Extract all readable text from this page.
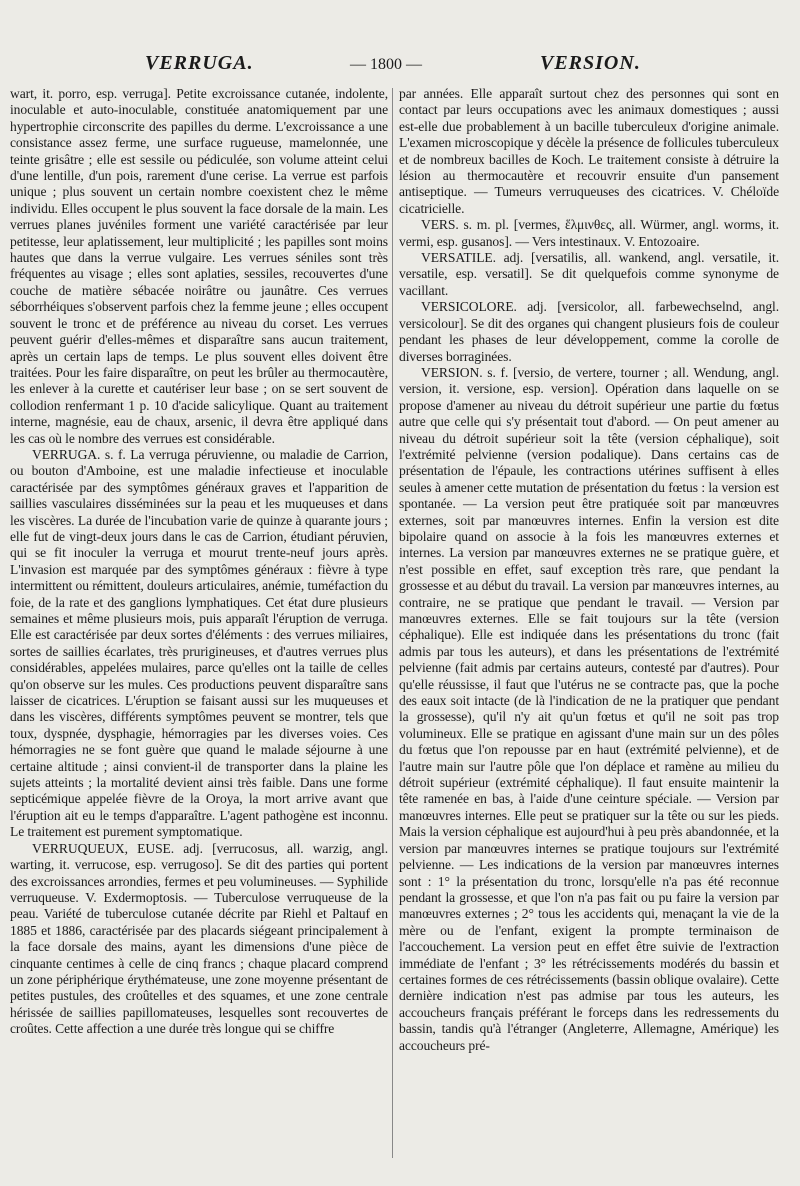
VERRUGA.	— 1800 —	VERSION.

wart, it. porro, esp. verruga]. Petite excroissance cutanée, indolente, inoculable et auto-inoculable, constituée anatomiquement par une hypertrophie circonscrite des papilles du derme. L'excroissance a une consistance assez ferme, une surface rugueuse, mamelonnée, une teinte grisâtre ; elle est sessile ou pédiculée, son volume atteint celui d'une lentille, d'un pois, rarement d'une cerise. La verrue est parfois unique ; plus souvent un certain nombre coexistent chez le même individu. Elles occupent le plus souvent la face dorsale de la main. Les verrues planes juvéniles forment une variété caractérisée par leur petitesse, leur aplatissement, leur multiplicité ; les papilles sont moins hautes que dans la verrue vulgaire. Les verrues séniles sont très fréquentes au visage ; elles sont aplaties, sessiles, recouvertes d'une couche de matière sébacée noirâtre ou jaunâtre. Ces verrues séborrhéiques s'observent parfois chez la femme jeune ; elles occupent souvent le tronc et de préférence au niveau du corset. Les verrues peuvent guérir d'elles-mêmes et disparaître sans aucun traitement, après un certain laps de temps. Le plus souvent elles doivent être traitées. Pour les faire disparaître, on peut les brûler au thermocautère, les enlever à la curette et cautériser leur base ; on se sert souvent de collodion renfermant 1 p. 10 d'acide salicylique. Quant au traitement interne, magnésie, eau de chaux, arsenic, il devra être appliqué dans les cas où le nombre des verrues est considérable.

VERRUGA. s. f. La verruga péruvienne, ou maladie de Carrion, ou bouton d'Amboine, est une maladie infectieuse et inoculable caractérisée par des symptômes généraux graves et l'apparition de saillies vasculaires disséminées sur la peau et les muqueuses et dans les viscères. La durée de l'incubation varie de quinze à quarante jours ; elle fut de vingt-deux jours dans le cas de Carrion, étudiant péruvien, qui se fit inoculer la verruga et mourut trente-neuf jours après. L'invasion est marquée par des symptômes généraux : fièvre à type intermittent ou rémittent, douleurs articulaires, anémie, tuméfaction du foie, de la rate et des ganglions lymphatiques. Cet état dure plusieurs semaines et même plusieurs mois, puis apparaît l'éruption de verruga. Elle est caractérisée par deux sortes d'éléments : des verrues miliaires, sortes de saillies écarlates, très prurigineuses, et d'autres verrues plus considérables, appelées mulaires, parce qu'elles ont la taille de celles qu'on observe sur les mules. Ces productions peuvent disparaître sans laisser de cicatrices. L'éruption se faisant aussi sur les muqueuses et dans les viscères, différents symptômes peuvent se montrer, tels que toux, dyspnée, dysphagie, hémorragies par les diverses voies. Ces hémorragies ne se font guère que quand le malade séjourne à une certaine altitude ; ainsi convient-il de transporter dans la plaine les sujets atteints ; la mortalité devient ainsi très faible. Dans une forme septicémique appelée fièvre de la Oroya, la mort arrive avant que l'éruption ait eu le temps d'apparaître. L'agent pathogène est inconnu. Le traitement est purement symptomatique.

VERRUQUEUX, EUSE. adj. [verrucosus, all. warzig, angl. warting, it. verrucose, esp. verrugoso]. Se dit des parties qui portent des excroissances arrondies, fermes et peu volumineuses. — Syphilide verruqueuse. V. Exdermoptosis. — Tuberculose verruqueuse de la peau. Variété de tuberculose cutanée décrite par Riehl et Paltauf en 1885 et 1886, caractérisée par des placards siégeant principalement à la face dorsale des mains, ayant les dimensions d'une pièce de cinquante centimes à celle de cinq francs ; chaque placard comprend un zone périphérique érythémateuse, une zone moyenne présentant de petites pustules, des croûtelles et des squames, et une zone centrale hérissée de saillies papillomateuses, lesquelles sont recouvertes de croûtes. Cette affection a une durée très longue qui se chiffre

par années. Elle apparaît surtout chez des personnes qui sont en contact par leurs occupations avec les animaux domestiques ; aussi est-elle due probablement à un bacille tuberculeux d'origine animale. L'examen microscopique y décèle la présence de follicules tuberculeux et de nombreux bacilles de Koch. Le traitement consiste à détruire la lésion au thermocautère et recouvrir ensuite d'un pansement antiseptique. — Tumeurs verruqueuses des cicatrices. V. Chéloïde cicatricielle.

VERS. s. m. pl. [vermes, ἕλμινθες, all. Würmer, angl. worms, it. vermi, esp. gusanos]. — Vers intestinaux. V. Entozoaire.

VERSATILE. adj. [versatilis, all. wankend, angl. versatile, it. versatile, esp. versatil]. Se dit quelquefois comme synonyme de vacillant.

VERSICOLORE. adj. [versicolor, all. farbewechselnd, angl. versicolour]. Se dit des organes qui changent plusieurs fois de couleur pendant les phases de leur développement, comme la corolle de diverses borraginées.

VERSION. s. f. [versio, de vertere, tourner ; all. Wendung, angl. version, it. versione, esp. version]. Opération dans laquelle on se propose d'amener au niveau du détroit supérieur une partie du fœtus autre que celle qui s'y présentait tout d'abord. — On peut amener au niveau du détroit supérieur soit la tête (version céphalique), soit l'extrémité pelvienne (version podalique). Dans certains cas de présentation de l'épaule, les contractions utérines suffisent à elles seules à amener cette mutation de présentation du fœtus : la version est spontanée. — La version peut être pratiquée soit par manœuvres externes, soit par manœuvres internes. Enfin la version est dite bipolaire quand on associe à la fois les manœuvres externes et internes. La version par manœuvres externes ne se pratique guère, et n'est possible en effet, sauf exception très rare, que pendant la grossesse et au début du travail. La version par manœuvres internes, au contraire, ne se pratique que pendant le travail. — Version par manœuvres externes. Elle se fait toujours sur la tête (version céphalique). Elle est indiquée dans les présentations du tronc (fait admis par tous les auteurs), et dans les présentations de l'extrémité pelvienne (fait admis par certains auteurs, contesté par d'autres). Pour qu'elle réussisse, il faut que l'utérus ne se contracte pas, que la poche des eaux soit intacte (de là l'indication de ne la pratiquer que pendant la grossesse), qu'il n'y ait qu'un fœtus et qu'il ne soit pas trop volumineux. Elle se pratique en agissant d'une main sur un des pôles du fœtus que l'on repousse par en haut (extrémité pelvienne), et de l'autre main sur l'autre pôle que l'on déplace et ramène au milieu du détroit supérieur (extrémité céphalique). Il faut ensuite maintenir la tête ramenée en bas, à l'aide d'une ceinture spéciale. — Version par manœuvres internes. Elle peut se pratiquer sur la tête ou sur les pieds. Mais la version céphalique est aujourd'hui à peu près abandonnée, et la version par manœuvres internes se pratique toujours sur l'extrémité pelvienne. — Les indications de la version par manœuvres internes sont : 1° la présentation du tronc, lorsqu'elle n'a pas été reconnue pendant la grossesse, et que l'on n'a pas fait ou pu faire la version par manœuvres externes ; 2° tous les accidents qui, menaçant la vie de la mère ou de l'enfant, exigent la prompte terminaison de l'accouchement. La version peut en effet être suivie de l'extraction immédiate de l'enfant ; 3° les rétrécissements modérés du bassin et certaines formes de ces rétrécissements (bassin oblique ovalaire). Cette dernière indication n'est pas admise par tous les auteurs, les accoucheurs français préférant le forceps dans les redressements du bassin, tandis qu'à l'étranger (Angleterre, Allemagne, Amérique) les accoucheurs pré-
